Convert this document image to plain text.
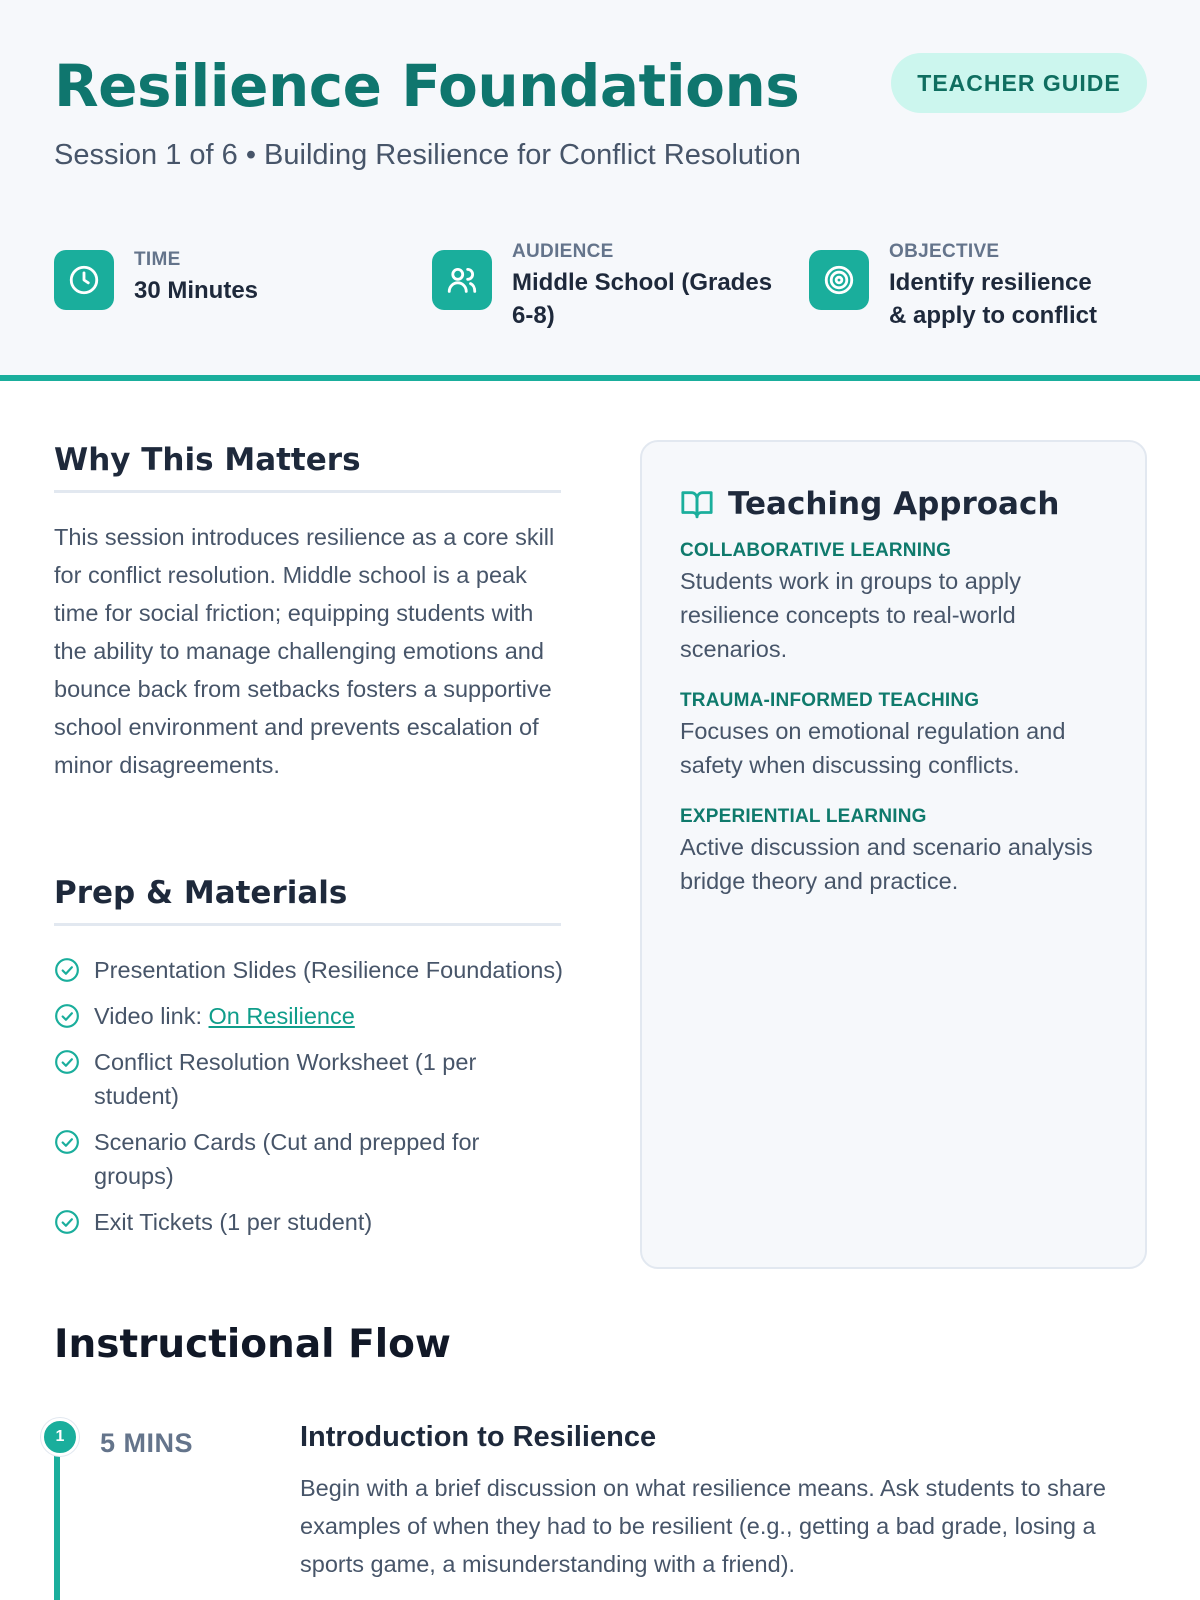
Resilience Foundations	TEACHER GUIDE
Session 1 of 6 • Building Resilience for Conflict Resolution
TIME
30 Minutes
AUDIENCE
Middle School (Grades 6-8)
OBJECTIVE
Identify resilience & apply to conflict
Why This Matters

This session introduces resilience as a core skill for conflict resolution. Middle school is a peak time for social friction; equipping students with the ability to manage challenging emotions and bounce back from setbacks fosters a supportive school environment and prevents escalation of minor disagreements.

Prep & Materials
Presentation Slides (Resilience Foundations)
Video link: On Resilience
Conflict Resolution Worksheet (1 per student)
Scenario Cards (Cut and prepped for groups)
Exit Tickets (1 per student)
Teaching Approach
COLLABORATIVE LEARNING
Students work in groups to apply resilience concepts to real-world scenarios.
TRAUMA-INFORMED TEACHING
Focuses on emotional regulation and safety when discussing conflicts.
EXPERIENTIAL LEARNING
Active discussion and scenario analysis bridge theory and practice.
Instructional Flow
1	5 MINS	Introduction to Resilience

Begin with a brief discussion on what resilience means. Ask students to share examples of when they had to be resilient (e.g., getting a bad grade, losing a sports game, a misunderstanding with a friend).
